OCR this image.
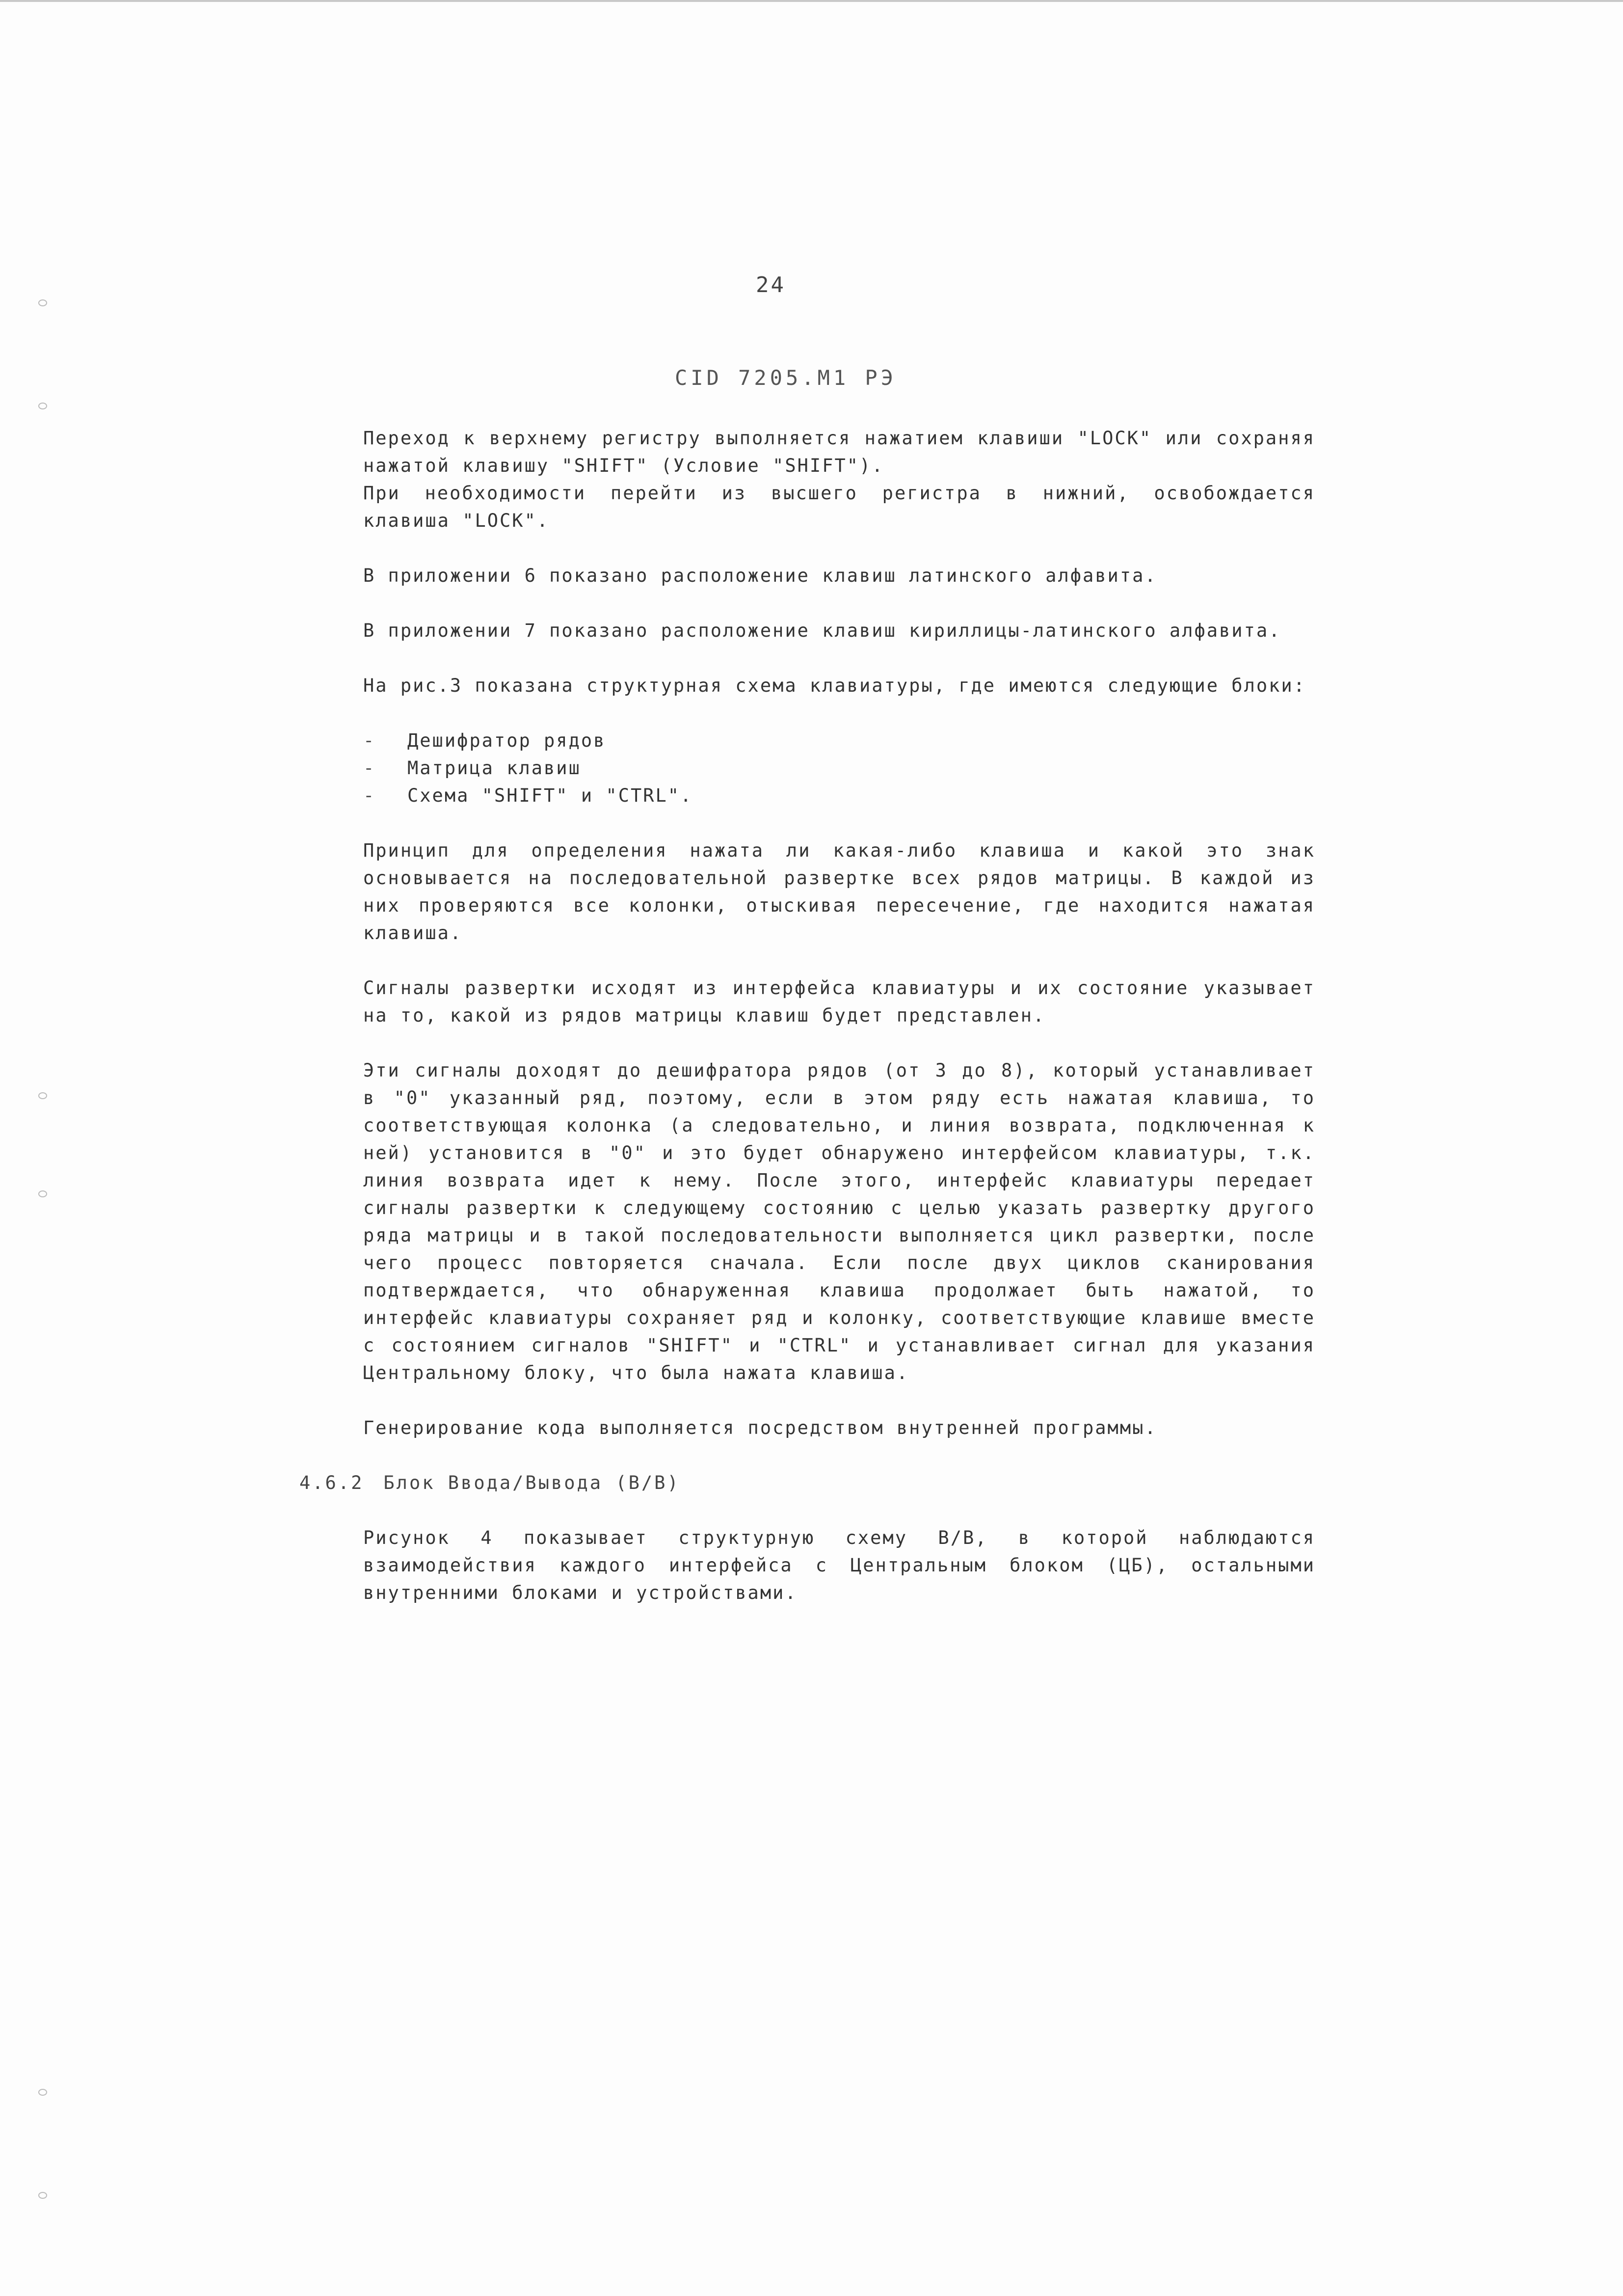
24
CID 7205.M1 РЭ

Переход к верхнему регистру выполняется нажатием клавиши "LOCK" или сохраняя нажатой клавишу "SHIFT" (Условие "SHIFT").

При необходимости перейти из высшего регистра в нижний, освобождается клавиша "LOCK".

В приложении 6 показано расположение клавиш латинского алфавита.

В приложении 7 показано расположение клавиш кириллицы-латинского алфавита.

На рис.3 показана структурная схема клавиатуры, где имеются следующие блоки:

- Дешифратор рядов
- Матрица клавиш
- Схема "SHIFT" и "CTRL".

Принцип для определения нажата ли какая-либо клавиша и какой это знак основывается на последовательной развертке всех рядов матрицы. В каждой из них проверяются все колонки, отыскивая пересечение, где находится нажатая клавиша.

Сигналы развертки исходят из интерфейса клавиатуры и их состояние указывает на то, какой из рядов матрицы клавиш будет представлен.

Эти сигналы доходят до дешифратора рядов (от 3 до 8), который устанавливает в "0" указанный ряд, поэтому, если в этом ряду есть нажатая клавиша, то соответствующая колонка (а следовательно, и линия возврата, подключенная к ней) установится в "0" и это будет обнаружено интерфейсом клавиатуры, т.к. линия возврата идет к нему. После этого, интерфейс клавиатуры передает сигналы развертки к следующему состоянию с целью указать развертку другого ряда матрицы и в такой последовательности выполняется цикл развертки, после чего процесс повторяется сначала. Если после двух циклов сканирования подтверждается, что обнаруженная клавиша продолжает быть нажатой, то интерфейс клавиатуры сохраняет ряд и колонку, соответствующие клавише вместе с состоянием сигналов "SHIFT" и "CTRL" и устанавливает сигнал для указания Центральному блоку, что была нажата клавиша.

Генерирование кода выполняется посредством внутренней программы.

4.6.2 Блок Ввода/Вывода (В/В)

Рисунок 4 показывает структурную схему В/В, в которой наблюдаются взаимодействия каждого интерфейса с Центральным блоком (ЦБ), остальными внутренними блоками и устройствами.
